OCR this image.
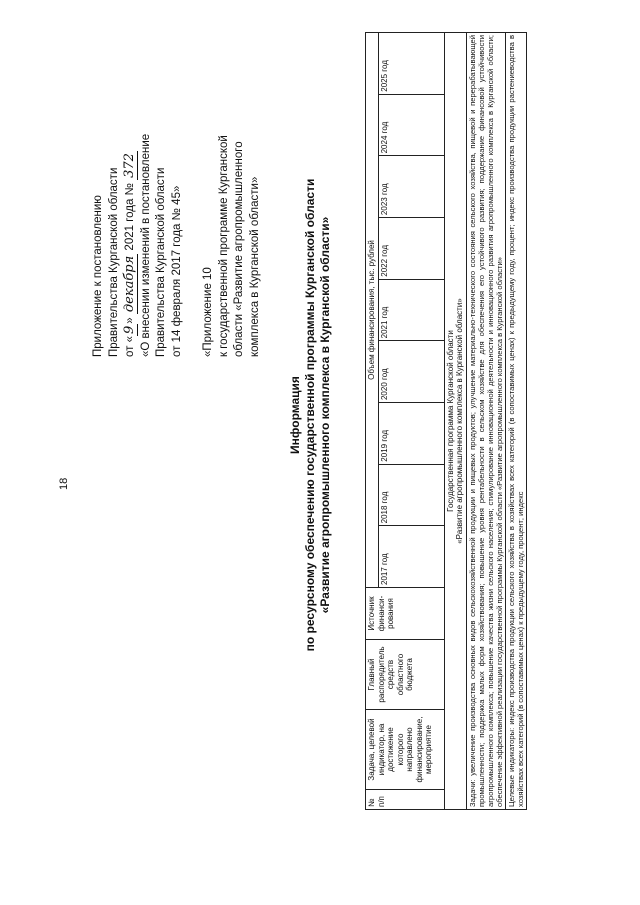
18
Приложение к постановлению Правительства Курганской области от «9» декабря 2021 года № 372 «О внесении изменений в постановление Правительства Курганской области от 14 февраля 2017 года № 45» «Приложение 10 к государственной программе Курганской области «Развитие агропромышленного комплекса в Курганской области»
Информация по ресурсному обеспечению государственной программы Курганской области «Развитие агропромышленного комплекса в Курганской области»
№ п/п	Задача, целевой индикатор, на достижение которого направлено финансирование, мероприятие	Главный распорядитель средств областного бюджета	Источник финанси-рования	Объем финансирования, тыс. рублей								
				2017 год	2018 год	2019 год	2020 год	2021 год	2022 год	2023 год	2024 год	2025 год

Государственная программа Курганской области «Развитие агропромышленного комплекса в Курганской области»												

Задачи: увеличение производства основных видов сельскохозяйственной продукции и пищевых продуктов; улучшение материально-технического состояния сельского хозяйства, пищевой и перерабатывающей промышленности; поддержка малых форм хозяйствования; повышение уровня рентабельности в сельском хозяйстве для обеспечения его устойчивого развития; поддержание финансовой устойчивости агропромышленного комплекса; повышение качества жизни сельского населения; стимулирование инновационной деятельности и инновационного развития агропромышленного комплекса в Курганской области; обеспечение эффективной реализации государственной программы Курганской области «Развитие агропромышленного комплекса в Курганской области»												
Целевые индикаторы: индекс производства продукции сельского хозяйства в хозяйствах всех категорий (в сопоставимых ценах) к предыдущему году, процент; индекс производства продукции растениеводства в хозяйствах всех категорий (в сопоставимых ценах) к предыдущему году, процент; индекс												
